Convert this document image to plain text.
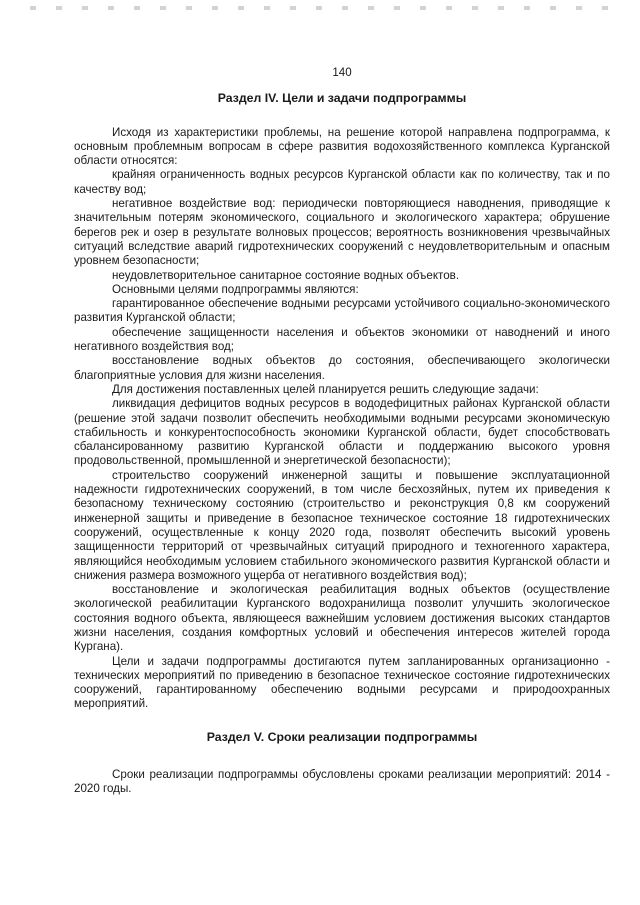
140
Раздел IV. Цели и задачи подпрограммы

Исходя из характеристики проблемы, на решение которой направлена подпрограмма, к основным проблемным вопросам в сфере развития водохозяйственного комплекса Курганской области относятся:

крайняя ограниченность водных ресурсов Курганской области как по количеству, так и по качеству вод;

негативное воздействие вод: периодически повторяющиеся наводнения, приводящие к значительным потерям экономического, социального и экологического характера; обрушение берегов рек и озер в результате волновых процессов; вероятность возникновения чрезвычайных ситуаций вследствие аварий гидротехнических сооружений с неудовлетворительным и опасным уровнем безопасности;

неудовлетворительное санитарное состояние водных объектов.

Основными целями подпрограммы являются:

гарантированное обеспечение водными ресурсами устойчивого социально-экономического развития Курганской области;

обеспечение защищенности населения и объектов экономики от наводнений и иного негативного воздействия вод;

восстановление водных объектов до состояния, обеспечивающего экологически благоприятные условия для жизни населения.

Для достижения поставленных целей планируется решить следующие задачи:

ликвидация дефицитов водных ресурсов в вододефицитных районах Курганской области (решение этой задачи позволит обеспечить необходимыми водными ресурсами экономическую стабильность и конкурентоспособность экономики Курганской области, будет способствовать сбалансированному развитию Курганской области и поддержанию высокого уровня продовольственной, промышленной и энергетической безопасности);

строительство сооружений инженерной защиты и повышение эксплуатационной надежности гидротехнических сооружений, в том числе бесхозяйных, путем их приведения к безопасному техническому состоянию (строительство и реконструкция 0,8 км сооружений инженерной защиты и приведение в безопасное техническое состояние 18 гидротехнических сооружений, осуществленные к концу 2020 года, позволят обеспечить высокий уровень защищенности территорий от чрезвычайных ситуаций природного и техногенного характера, являющийся необходимым условием стабильного экономического развития Курганской области и снижения размера возможного ущерба от негативного воздействия вод);

восстановление и экологическая реабилитация водных объектов (осуществление экологической реабилитации Курганского водохранилища позволит улучшить экологическое состояния водного объекта, являющееся важнейшим условием достижения высоких стандартов жизни населения, создания комфортных условий и обеспечения интересов жителей города Кургана).

Цели и задачи подпрограммы достигаются путем запланированных организационно - технических мероприятий по приведению в безопасное техническое состояние гидротехнических сооружений, гарантированному обеспечению водными ресурсами и природоохранных мероприятий.

Раздел V. Сроки реализации подпрограммы

Сроки реализации подпрограммы обусловлены сроками реализации мероприятий: 2014 - 2020 годы.
